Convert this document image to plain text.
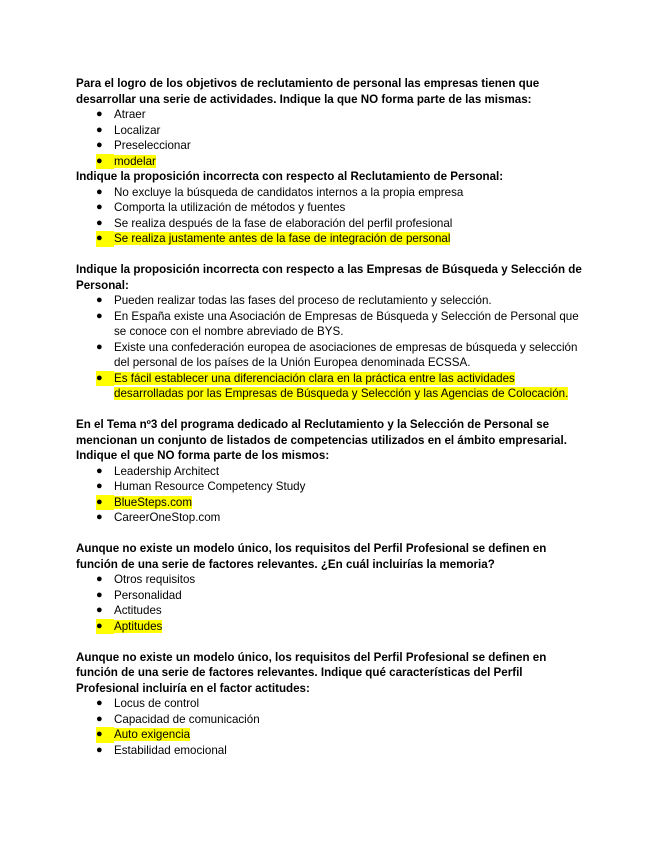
Para el logro de los objetivos de reclutamiento de personal las empresas tienen que desarrollar una serie de actividades. Indique la que NO forma parte de las mismas:

● Atraer
● Localizar
● Preseleccionar
● modelar

Indique la proposición incorrecta con respecto al Reclutamiento de Personal:

● No excluye la búsqueda de candidatos internos a la propia empresa
● Comporta la utilización de métodos y fuentes
● Se realiza después de la fase de elaboración del perfil profesional
● Se realiza justamente antes de la fase de integración de personal

Indique la proposición incorrecta con respecto a las Empresas de Búsqueda y Selección de Personal:

● Pueden realizar todas las fases del proceso de reclutamiento y selección.
● En España existe una Asociación de Empresas de Búsqueda y Selección de Personal que se conoce con el nombre abreviado de BYS.
● Existe una confederación europea de asociaciones de empresas de búsqueda y selección del personal de los países de la Unión Europea denominada ECSSA.
● Es fácil establecer una diferenciación clara en la práctica entre las actividades desarrolladas por las Empresas de Búsqueda y Selección y las Agencias de Colocación.

En el Tema nº3 del programa dedicado al Reclutamiento y la Selección de Personal se mencionan un conjunto de listados de competencias utilizados en el ámbito empresarial. Indique el que NO forma parte de los mismos:

● Leadership Architect
● Human Resource Competency Study
● BlueSteps.com
● CareerOneStop.com

Aunque no existe un modelo único, los requisitos del Perfil Profesional se definen en función de una serie de factores relevantes. ¿En cuál incluirías la memoria?

● Otros requisitos
● Personalidad
● Actitudes
● Aptitudes

Aunque no existe un modelo único, los requisitos del Perfil Profesional se definen en función de una serie de factores relevantes. Indique qué características del Perfil Profesional incluiría en el factor actitudes:

● Locus de control
● Capacidad de comunicación
● Auto exigencia
● Estabilidad emocional
